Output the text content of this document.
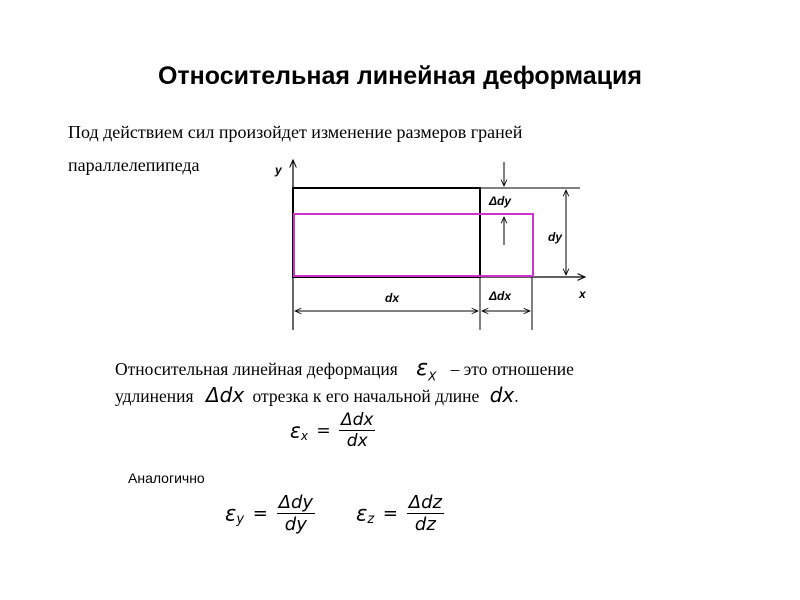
Относительная линейная деформация
Под действием сил произойдет изменение размеров граней
параллелепипеда	y
x
dy
Δdy
dx	Δdx
Относительная линейная деформация $\varepsilon_X$ – это отношение
удлинения Δdx отрезка к его начальной длине dx.
$\varepsilon_x = \frac{\text{Δdx}}{dx}$
Аналогично
$\varepsilon_y = \frac{\text{Δdy}}{dy} \varepsilon_z = \frac{\text{Δdz}}{dz}$
